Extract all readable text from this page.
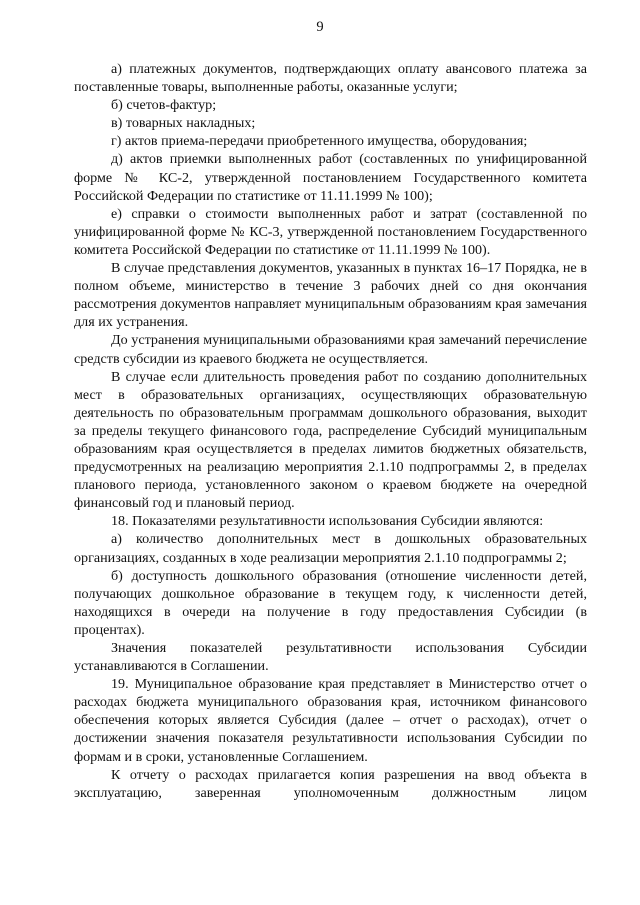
9

а) платежных документов, подтверждающих оплату авансового платежа за поставленные товары, выполненные работы, оказанные услуги;

б) счетов-фактур;

в) товарных накладных;

г) актов приема-передачи приобретенного имущества, оборудования;

д) актов приемки выполненных работ (составленных по унифицированной форме № КС-2, утвержденной постановлением Государственного комитета Российской Федерации по статистике от 11.11.1999 № 100);

е) справки о стоимости выполненных работ и затрат (составленной по унифицированной форме № КС-3, утвержденной постановлением Государственного комитета Российской Федерации по статистике от 11.11.1999 № 100).

В случае представления документов, указанных в пунктах 16–17 Порядка, не в полном объеме, министерство в течение 3 рабочих дней со дня окончания рассмотрения документов направляет муниципальным образованиям края замечания для их устранения.

До устранения муниципальными образованиями края замечаний перечисление средств субсидии из краевого бюджета не осуществляется.

В случае если длительность проведения работ по созданию дополнительных мест в образовательных организациях, осуществляющих образовательную деятельность по образовательным программам дошкольного образования, выходит за пределы текущего финансового года, распределение Субсидий муниципальным образованиям края осуществляется в пределах лимитов бюджетных обязательств, предусмотренных на реализацию мероприятия 2.1.10 подпрограммы 2, в пределах планового периода, установленного законом о краевом бюджете на очередной финансовый год и плановый период.

18. Показателями результативности использования Субсидии являются:

а) количество дополнительных мест в дошкольных образовательных организациях, созданных в ходе реализации мероприятия 2.1.10 подпрограммы 2;

б) доступность дошкольного образования (отношение численности детей, получающих дошкольное образование в текущем году, к численности детей, находящихся в очереди на получение в году предоставления Субсидии (в процентах).

Значения показателей результативности использования Субсидии устанавливаются в Соглашении.

19. Муниципальное образование края представляет в Министерство отчет о расходах бюджета муниципального образования края, источником финансового обеспечения которых является Субсидия (далее – отчет о расходах), отчет о достижении значения показателя результативности использования Субсидии по формам и в сроки, установленные Соглашением.

К отчету о расходах прилагается копия разрешения на ввод объекта в эксплуатацию, заверенная уполномоченным должностным лицом
